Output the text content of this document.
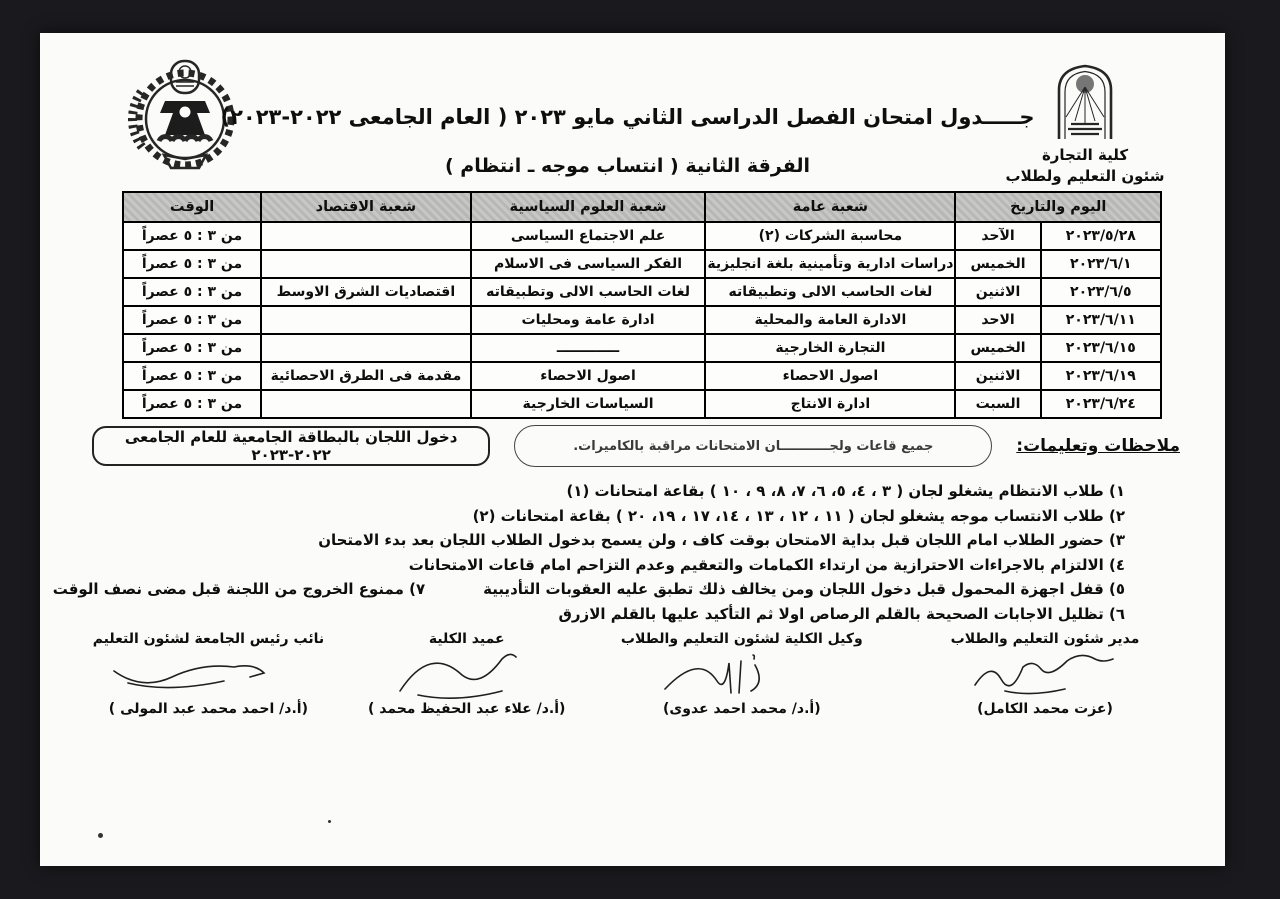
كلية التجارة
شئون التعليم ولطلاب
جـــــدول امتحان الفصل الدراسى الثاني مايو ٢٠٢٣ ( العام الجامعى ٢٠٢٢-٢٠٢٣)
الفرقة الثانية ( انتساب موجه ـ انتظام )
اليوم والتاريخ		شعبة عامة	شعبة العلوم السياسية	شعبة الاقتصاد	الوقت
٢٠٢٣/٥/٢٨	الآحد	محاسبة الشركات (٢)	علم الاجتماع السياسى		من ٣ : ٥ عصراً
٢٠٢٣/٦/١	الخميس	دراسات ادارية وتأمينية بلغة انجليزية	الفكر السياسى فى الاسلام		من ٣ : ٥ عصراً
٢٠٢٣/٦/٥	الاثنين	لغات الحاسب الالى وتطبيقاته	لغات الحاسب الالى وتطبيقاته	اقتصاديات الشرق الاوسط	من ٣ : ٥ عصراً
٢٠٢٣/٦/١١	الاحد	الادارة العامة والمحلية	ادارة عامة ومحليات		من ٣ : ٥ عصراً
٢٠٢٣/٦/١٥	الخميس	التجارة الخارجية	ـــــــــــــ		من ٣ : ٥ عصراً
٢٠٢٣/٦/١٩	الاثنين	اصول الاحصاء	اصول الاحصاء	مقدمة فى الطرق الاحصائية	من ٣ : ٥ عصراً
٢٠٢٣/٦/٢٤	السبت	ادارة الانتاج	السياسات الخارجية		من ٣ : ٥ عصراً
ملاحظات وتعليمات:
جميع قاعات ولجـــــــــــان الامتحانات مراقبة بالكاميرات.
دخول اللجان بالبطاقة الجامعية للعام الجامعى ٢٠٢٢-٢٠٢٣
١) طلاب الانتظام يشغلو لجان ( ٣ ، ٤، ٥، ٦، ٧، ٨، ٩ ، ١٠ ) بقاعة امتحانات (١)
٢) طلاب الانتساب موجه يشغلو لجان ( ١١ ، ١٢ ، ١٣ ، ١٤، ١٧ ، ١٩، ٢٠ ) بقاعة امتحانات (٢)
٣) حضور الطلاب امام اللجان قبل بداية الامتحان بوقت كاف ، ولن يسمح بدخول الطلاب اللجان بعد بدء الامتحان
٤) الالتزام بالاجراءات الاحترازية من ارتداء الكمامات والتعقيم وعدم التزاحم امام قاعات الامتحانات
٥) قفل اجهزة المحمول قبل دخول اللجان ومن يخالف ذلك تطبق عليه العقوبات التأديبية
٧) ممنوع الخروج من اللجنة قبل مضى نصف الوقت
٦) تظليل الاجابات الصحيحة بالقلم الرصاص اولا ثم التأكيد عليها بالقلم الازرق
مدير شئون التعليم والطلاب
(عزت محمد الكامل)
وكيل الكلية لشئون التعليم والطلاب
(أ.د/ محمد احمد عدوى)
عميد الكلية
(أ.د/ علاء عبد الحفيظ محمد )
نائب رئيس الجامعة لشئون التعليم
(أ.د/ احمد محمد عبد المولى )
